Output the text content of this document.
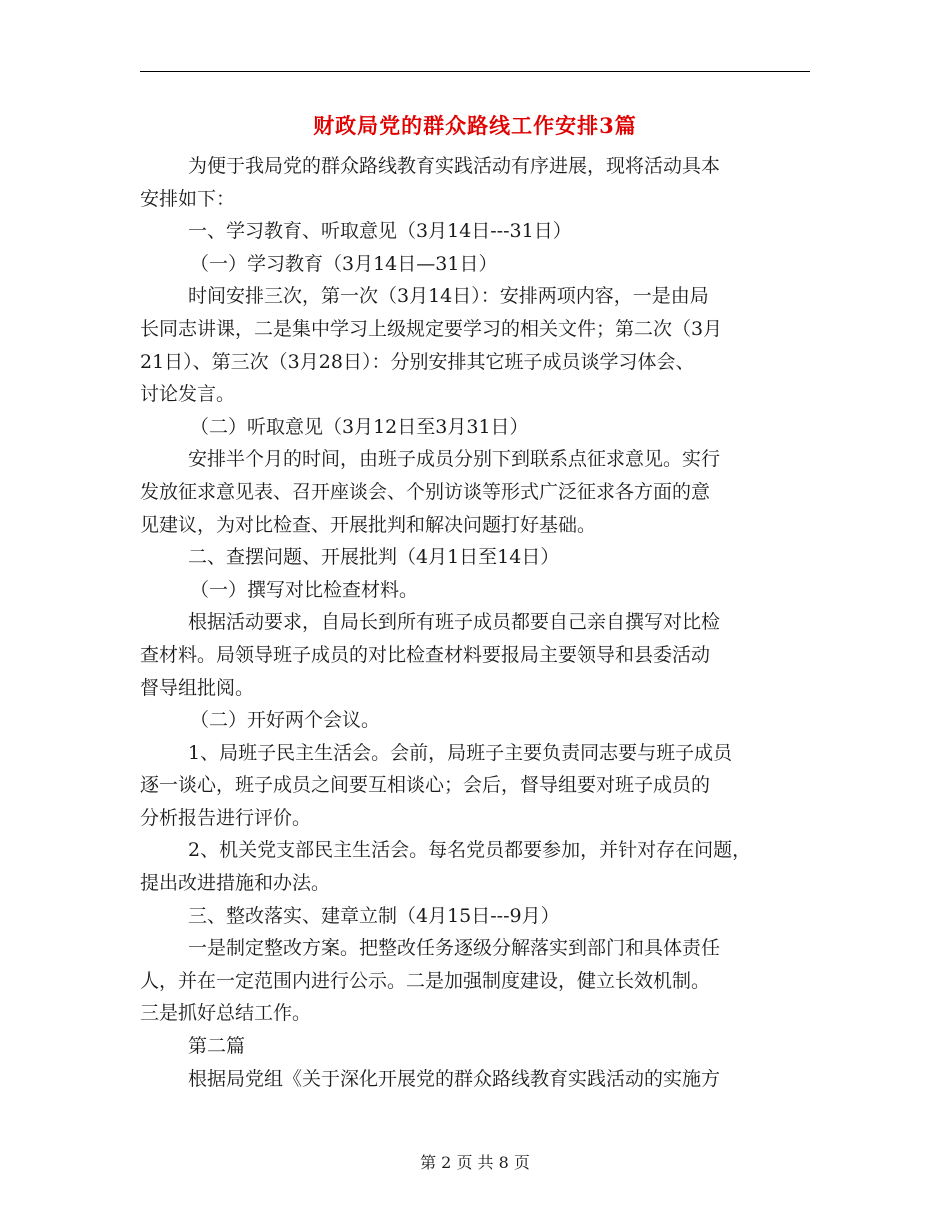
财政局党的群众路线工作安排3篇
为便于我局党的群众路线教育实践活动有序进展，现将活动具本
安排如下：
一、学习教育、听取意见（3月14日---31日）
（一）学习教育（3月14日—31日）
时间安排三次，第一次（3月14日）：安排两项内容，一是由局
长同志讲课，二是集中学习上级规定要学习的相关文件；第二次（3月
21日）、第三次（3月28日）：分别安排其它班子成员谈学习体会、
讨论发言。
（二）听取意见（3月12日至3月31日）
安排半个月的时间，由班子成员分别下到联系点征求意见。实行
发放征求意见表、召开座谈会、个别访谈等形式广泛征求各方面的意
见建议，为对比检查、开展批判和解决问题打好基础。
二、查摆问题、开展批判（4月1日至14日）
（一）撰写对比检查材料。
根据活动要求，自局长到所有班子成员都要自己亲自撰写对比检
查材料。局领导班子成员的对比检查材料要报局主要领导和县委活动
督导组批阅。
（二）开好两个会议。
1、局班子民主生活会。会前，局班子主要负责同志要与班子成员
逐一谈心，班子成员之间要互相谈心；会后，督导组要对班子成员的
分析报告进行评价。
2、机关党支部民主生活会。每名党员都要参加，并针对存在问题，
提出改进措施和办法。
三、整改落实、建章立制（4月15日---9月）
一是制定整改方案。把整改任务逐级分解落实到部门和具体责任
人，并在一定范围内进行公示。二是加强制度建设，健立长效机制。
三是抓好总结工作。
第二篇
根据局党组《关于深化开展党的群众路线教育实践活动的实施方
第 2 页 共 8 页
